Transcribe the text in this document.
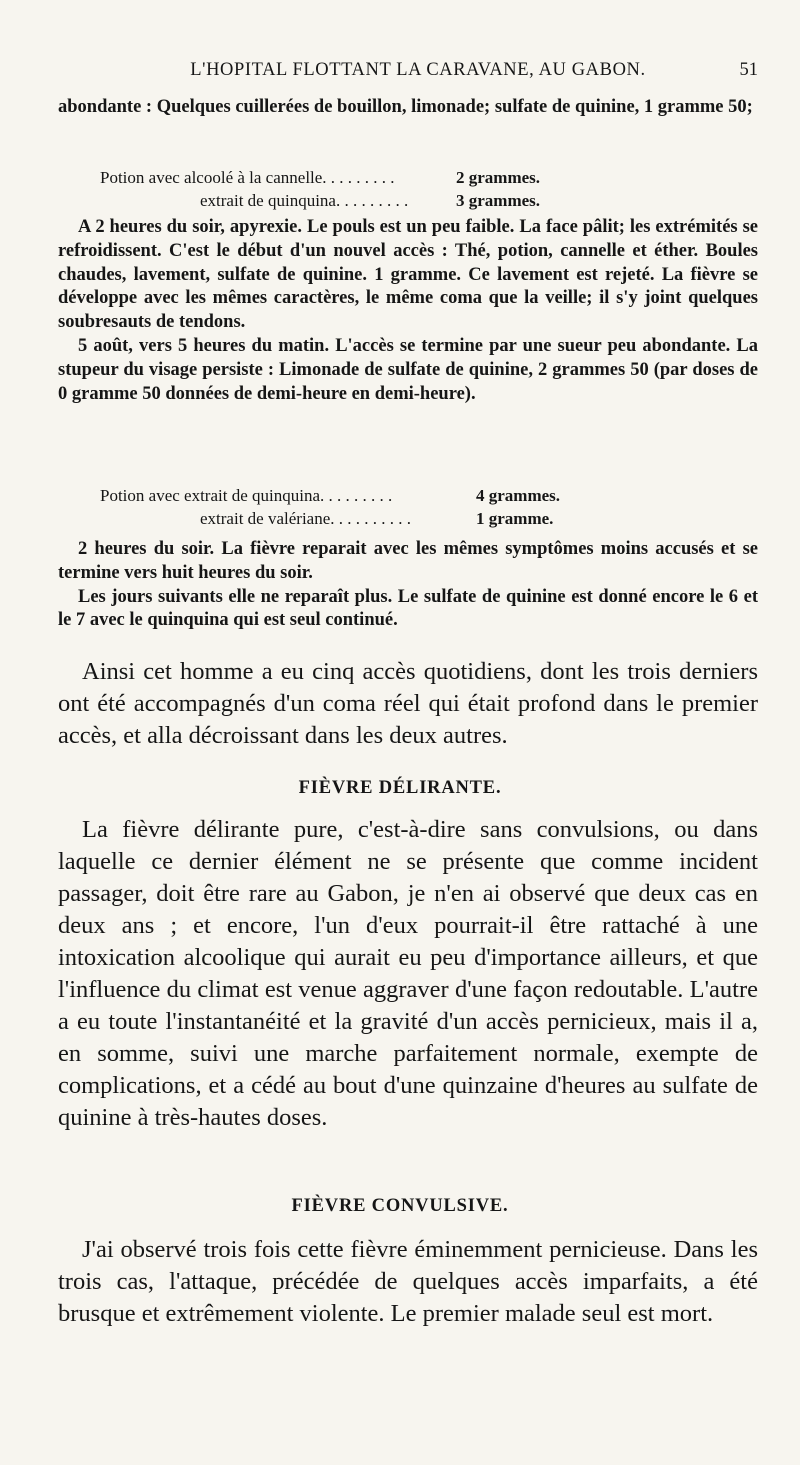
L'HOPITAL FLOTTANT LA CARAVANE, AU GABON.	51

abondante : Quelques cuillerées de bouillon, limonade; sulfate de quinine, 1 gramme 50;

Potion avec alcoolé à la cannelle. . . . . . . . .	2 grammes.
extrait de quinquina. . . . . . . . .	3 grammes.

A 2 heures du soir, apyrexie. Le pouls est un peu faible. La face pâlit; les extrémités se refroidissent. C'est le début d'un nouvel accès : Thé, potion, cannelle et éther. Boules chaudes, lavement, sulfate de quinine. 1 gramme. Ce lavement est rejeté. La fièvre se développe avec les mêmes caractères, le même coma que la veille; il s'y joint quelques soubresauts de tendons.

5 août, vers 5 heures du matin. L'accès se termine par une sueur peu abondante. La stupeur du visage persiste : Limonade de sulfate de quinine, 2 grammes 50 (par doses de 0 gramme 50 données de demi-heure en demi-heure).

Potion avec extrait de quinquina. . . . . . . . .	4 grammes.
extrait de valériane. . . . . . . . . .	1 gramme.

2 heures du soir. La fièvre reparait avec les mêmes symptômes moins accusés et se termine vers huit heures du soir.

Les jours suivants elle ne reparaît plus. Le sulfate de quinine est donné encore le 6 et le 7 avec le quinquina qui est seul continué.

Ainsi cet homme a eu cinq accès quotidiens, dont les trois derniers ont été accompagnés d'un coma réel qui était profond dans le premier accès, et alla décroissant dans les deux autres.

FIÈVRE DÉLIRANTE.

La fièvre délirante pure, c'est-à-dire sans convulsions, ou dans laquelle ce dernier élément ne se présente que comme incident passager, doit être rare au Gabon, je n'en ai observé que deux cas en deux ans ; et encore, l'un d'eux pourrait-il être rattaché à une intoxication alcoolique qui aurait eu peu d'importance ailleurs, et que l'influence du climat est venue aggraver d'une façon redoutable. L'autre a eu toute l'instantanéité et la gravité d'un accès pernicieux, mais il a, en somme, suivi une marche parfaitement normale, exempte de complications, et a cédé au bout d'une quinzaine d'heures au sulfate de quinine à très-hautes doses.

FIÈVRE CONVULSIVE.

J'ai observé trois fois cette fièvre éminemment pernicieuse. Dans les trois cas, l'attaque, précédée de quelques accès imparfaits, a été brusque et extrêmement violente. Le premier malade seul est mort.
